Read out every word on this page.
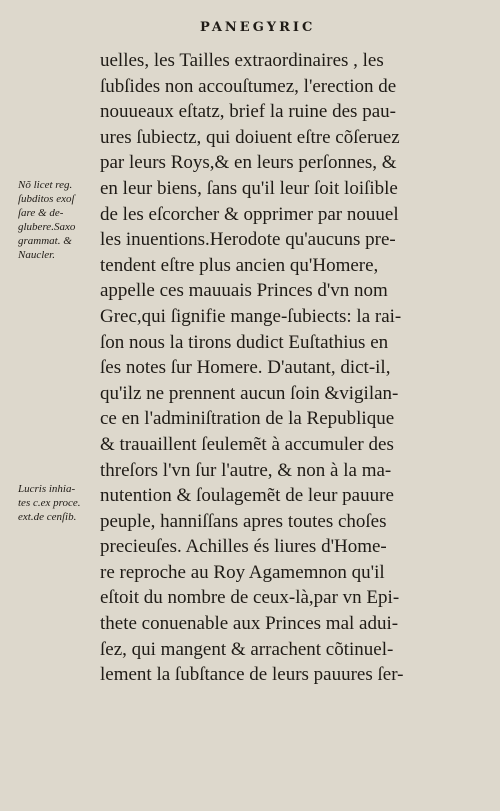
PANEGYRIC
uelles, les Tailles extraordinaires , les
ſubſides non accouſtumez, l'erection de
nouueaux eſtatz, brief la ruine des pau-
ures ſubiectz, qui doiuent eſtre cõſeruez
par leurs Roys,& en leurs perſonnes, &
en leur biens, ſans qu'il leur ſoit loiſible
de les eſcorcher & opprimer par nouuel
les inuentions.Herodote qu'aucuns pre-
tendent eſtre plus ancien qu'Homere,
appelle ces mauuais Princes d'vn nom
Grec,qui ſignifie mange-ſubiects: la rai-
ſon nous la tirons dudict Euſtathius en
ſes notes ſur Homere. D'autant, dict-il,
qu'ilz ne prennent aucun ſoin &vigilan-
ce en l'adminiſtration de la Republique
& trauaillent ſeulemẽt à accumuler des
threſors l'vn ſur l'autre, & non à la ma-
nutention & ſoulagemẽt de leur pauure
peuple, hanniſſans apres toutes choſes
precieuſes. Achilles és liures d'Home-
re reproche au Roy Agamemnon qu'il
eſtoit du nombre de ceux-là,par vn Epi-
thete conuenable aux Princes mal adui-
ſez, qui mangent & arrachent cõtinuel-
lement la ſubſtance de leurs pauures ſer-
Nõ licet reg.
ſubditos exoſ
ſare & de-
glubere.Saxo
grammat. &
Naucler.
Lucris inhia-
tes c.ex proce.
ext.de cenſib.
